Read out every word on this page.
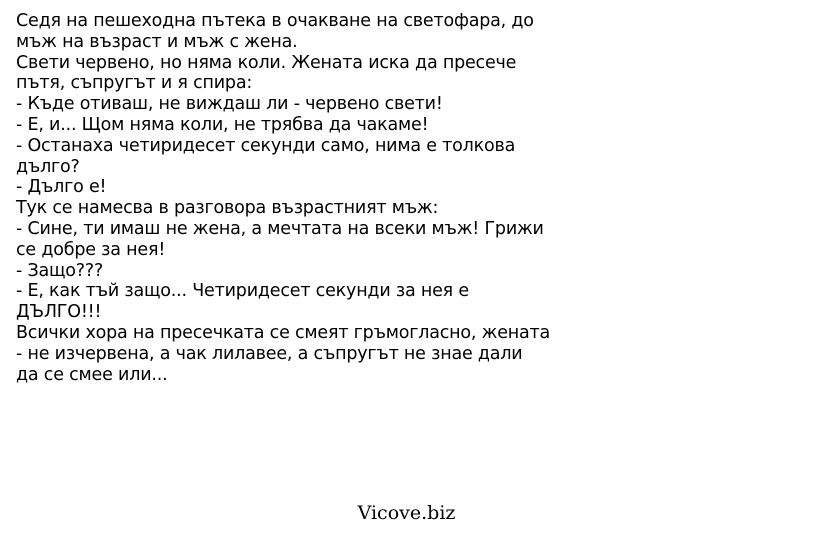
Седя на пешеходна пътека в очакване на светофара, до
мъж на възраст и мъж с жена.
Свети червено, но няма коли. Жената иска да пресече
пътя, съпругът и я спира:
- Къде отиваш, не виждаш ли - червено свети!
- Е, и... Щом няма коли, не трябва да чакаме!
- Останаха четиридесет секунди само, нима е толкова
дълго?
- Дълго е!
Тук се намесва в разговора възрастният мъж:
- Сине, ти имаш не жена, а мечтата на всеки мъж! Грижи
се добре за нея!
- Защо???
- Е, как тъй защо... Четиридесет секунди за нея е
ДЪЛГО!!!
Всички хора на пресечката се смеят гръмогласно, жената
- не изчервена, а чак лилавее, а съпругът не знае дали
да се смее или...
Vicove.biz
